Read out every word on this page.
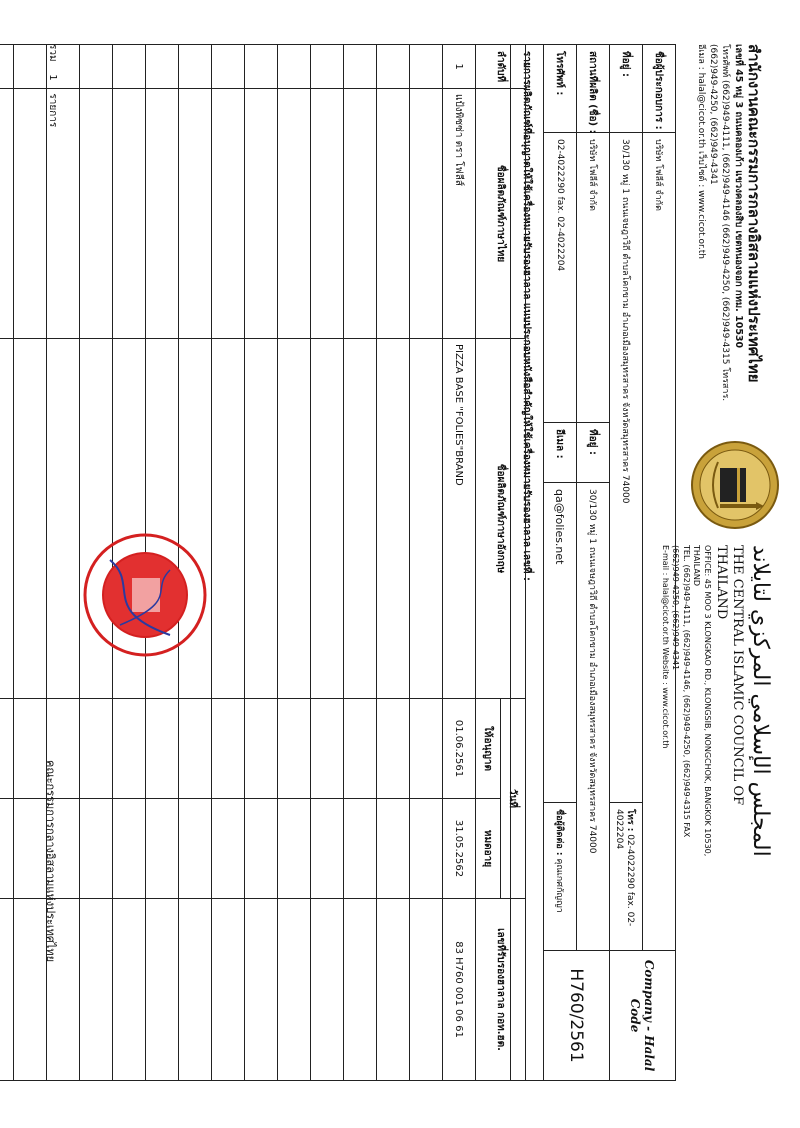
สำนักงานคณะกรรมการกลางอิสลามแห่งประเทศไทย
เลขที่ 45 หมู่ 3 ถนนคลองเก้า แขวงคลองสิบ เขตหนองจอก กทม. 10530
โทรศัพท์ (662)949-4111, (662)949-4146 (662)949-4250, (662)949-4315 โทรสาร. (662)949-4250, (662)949-4341
อีเมล : halal@cicot.or.th เว็บไซต์ : www.cicot.or.th
المجلس الإسلامي المركزي لتايلاند
THE CENTRAL ISLAMIC COUNCIL OF THAILAND
OFFICE: 45 MOO 3 KLONGKAO RD., KLONGSIB, NONGCHOK, BANGKOK 10530, THAILAND
TEL. (662)949-4111, (662)949-4146, (662)949-4250, (662)949-4315 FAX (662)949-4250, (662)949-4341
E-mail : halal@cicot.or.th Website : www.cicot.or.th
ชื่อผู้ประกอบการ :	บริษัท โฟลีส์ จำกัด				Company - Halal Code
ที่อยู่ :	30/130 หมู่ 1 ถนนเจษฎาวิถี ตำบลโคกขาม อำเภอเมืองสมุทรสาคร จังหวัดสมุทรสาคร 74000			โทร : 02-4022290 fax. 02-4022204	
สถานที่ผลิต (ชื่อ) :	บริษัท โฟลีส์ จำกัด	ที่อยู่ :	30/130 หมู่ 1 ถนนเจษฎาวิถี ตำบลโคกขาม อำเภอเมืองสมุทรสาคร จังหวัดสมุทรสาคร 74000		H760/2561
โทรศัพท์ :	02-4022290 fax. 02-4022204	อีเมล :	qa@folies.net	ชื่อผู้ติดต่อ : คุณเกศกัญญา	
รายการผลิตภัณฑ์ที่อนุญาตให้ใช้เครื่องหมายรับรองฮาลาล แนบประกอบหนังสือสำคัญให้ใช้เครื่องหมายรับรองฮาลาล เลขที่ :					
ลำดับที่	ชื่อผลิตภัณฑ์ภาษาไทย	ชื่อผลิตภัณฑ์ภาษาอังกฤษ	วันที่		เลขที่รับรองฮาลาล กอท.ฮต.
			ให้อนุญาต	หมดอายุ	
1	แป้งพิซซ่า ตรา โฟลีส์	PIZZA BASE "FOLIES"BRAND	01.06.2561	31.05.2562	83 H760 001 06 61

รวม    1    รายการ
คณะกรรมการกลางอิสลามแห่งประเทศไทย
